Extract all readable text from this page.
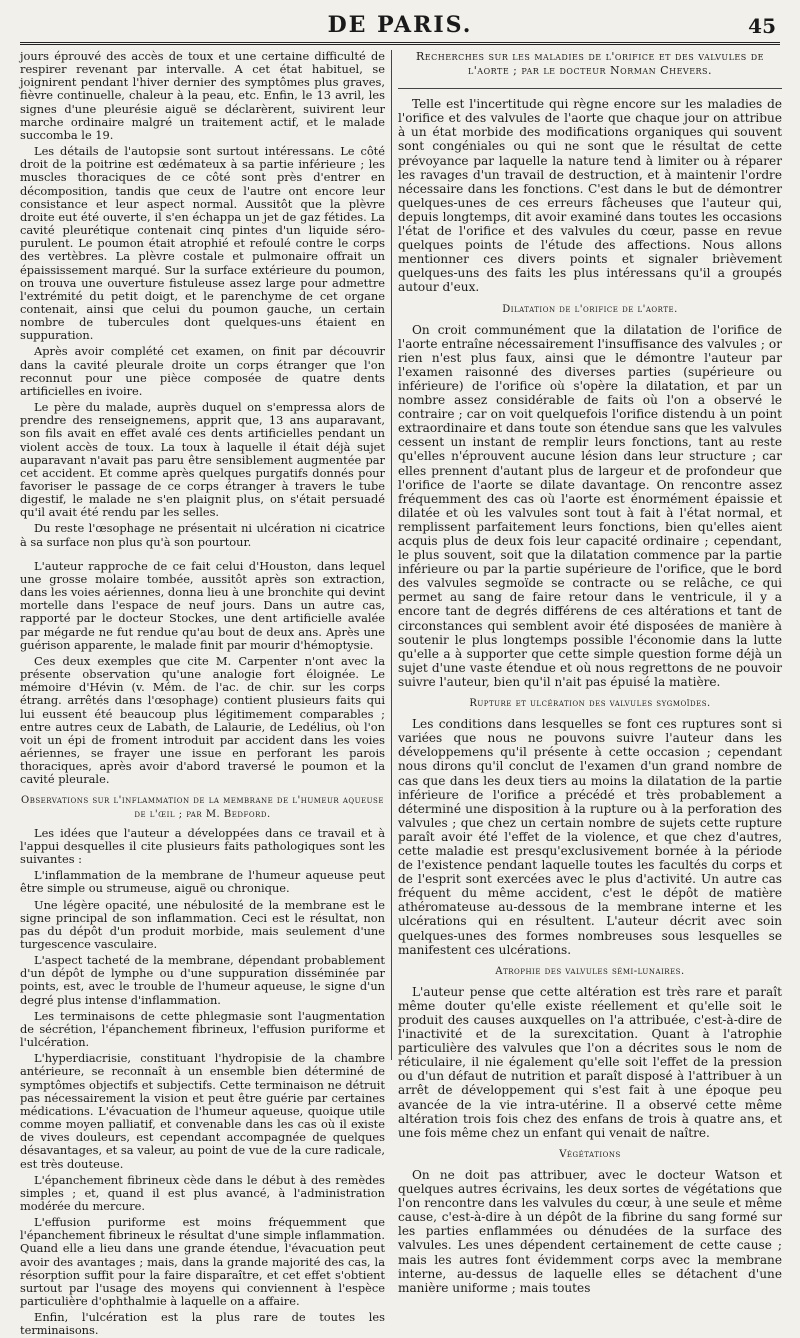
DE PARIS.	45

jours éprouvé des accès de toux et une certaine difficulté de respirer revenant par intervalle. A cet état habituel, se joignirent pendant l'hiver dernier des symptômes plus graves, fièvre continuelle, chaleur à la peau, etc. Enfin, le 13 avril, les signes d'une pleurésie aiguë se déclarèrent, suivirent leur marche ordinaire malgré un traitement actif, et le malade succomba le 19.

Les détails de l'autopsie sont surtout intéressans. Le côté droit de la poitrine est œdémateux à sa partie inférieure ; les muscles thoraciques de ce côté sont près d'entrer en décomposition, tandis que ceux de l'autre ont encore leur consistance et leur aspect normal. Aussitôt que la plèvre droite eut été ouverte, il s'en échappa un jet de gaz fétides. La cavité pleurétique contenait cinq pintes d'un liquide séro-purulent. Le poumon était atrophié et refoulé contre le corps des vertèbres. La plèvre costale et pulmonaire offrait un épaississement marqué. Sur la surface extérieure du poumon, on trouva une ouverture fistuleuse assez large pour admettre l'extrémité du petit doigt, et le parenchyme de cet organe contenait, ainsi que celui du poumon gauche, un certain nombre de tubercules dont quelques-uns étaient en suppuration.

Après avoir complété cet examen, on finit par découvrir dans la cavité pleurale droite un corps étranger que l'on reconnut pour une pièce composée de quatre dents artificielles en ivoire.

Le père du malade, auprès duquel on s'empressa alors de prendre des renseignemens, apprit que, 13 ans auparavant, son fils avait en effet avalé ces dents artificielles pendant un violent accès de toux. La toux à laquelle il était déjà sujet auparavant n'avait pas paru être sensiblement augmentée par cet accident. Et comme après quelques purgatifs donnés pour favoriser le passage de ce corps étranger à travers le tube digestif, le malade ne s'en plaignit plus, on s'était persuadé qu'il avait été rendu par les selles.

Du reste l'œsophage ne présentait ni ulcération ni cicatrice à sa surface non plus qu'à son pourtour.

L'auteur rapproche de ce fait celui d'Houston, dans lequel une grosse molaire tombée, aussitôt après son extraction, dans les voies aériennes, donna lieu à une bronchite qui devint mortelle dans l'espace de neuf jours. Dans un autre cas, rapporté par le docteur Stockes, une dent artificielle avalée par mégarde ne fut rendue qu'au bout de deux ans. Après une guérison apparente, le malade finit par mourir d'hémoptysie.

Ces deux exemples que cite M. Carpenter n'ont avec la présente observation qu'une analogie fort éloignée. Le mémoire d'Hévin (v. Mém. de l'ac. de chir. sur les corps étrang. arrêtés dans l'œsophage) contient plusieurs faits qui lui eussent été beaucoup plus légitimement comparables ; entre autres ceux de Labath, de Lalaurie, de Ledélius, où l'on voit un épi de froment introduit par accident dans les voies aériennes, se frayer une issue en perforant les parois thoraciques, après avoir d'abord traversé le poumon et la cavité pleurale.

Observations sur l'inflammation de la membrane de l'humeur aqueuse de l'œil ; par M. Bedford.

Les idées que l'auteur a développées dans ce travail et à l'appui desquelles il cite plusieurs faits pathologiques sont les suivantes :

L'inflammation de la membrane de l'humeur aqueuse peut être simple ou strumeuse, aiguë ou chronique.

Une légère opacité, une nébulosité de la membrane est le signe principal de son inflammation. Ceci est le résultat, non pas du dépôt d'un produit morbide, mais seulement d'une turgescence vasculaire.

L'aspect tacheté de la membrane, dépendant probablement d'un dépôt de lymphe ou d'une suppuration disséminée par points, est, avec le trouble de l'humeur aqueuse, le signe d'un degré plus intense d'inflammation.

Les terminaisons de cette phlegmasie sont l'augmentation de sécrétion, l'épanchement fibrineux, l'effusion puriforme et l'ulcération.

L'hyperdiacrisie, constituant l'hydropisie de la chambre antérieure, se reconnaît à un ensemble bien déterminé de symptômes objectifs et subjectifs. Cette terminaison ne détruit pas nécessairement la vision et peut être guérie par certaines médications. L'évacuation de l'humeur aqueuse, quoique utile comme moyen palliatif, et convenable dans les cas où il existe de vives douleurs, est cependant accompagnée de quelques désavantages, et sa valeur, au point de vue de la cure radicale, est très douteuse.

L'épanchement fibrineux cède dans le début à des remèdes simples ; et, quand il est plus avancé, à l'administration modérée du mercure.

L'effusion puriforme est moins fréquemment que l'épanchement fibrineux le résultat d'une simple inflammation. Quand elle a lieu dans une grande étendue, l'évacuation peut avoir des avantages ; mais, dans la grande majorité des cas, la résorption suffit pour la faire disparaître, et cet effet s'obtient surtout par l'usage des moyens qui conviennent à l'espèce particulière d'ophthalmie à laquelle on a affaire.

Enfin, l'ulcération est la plus rare de toutes les terminaisons.

Recherches sur les maladies de l'orifice et des valvules de l'aorte ; par le docteur Norman Chevers.

Telle est l'incertitude qui règne encore sur les maladies de l'orifice et des valvules de l'aorte que chaque jour on attribue à un état morbide des modifications organiques qui souvent sont congéniales ou qui ne sont que le résultat de cette prévoyance par laquelle la nature tend à limiter ou à réparer les ravages d'un travail de destruction, et à maintenir l'ordre nécessaire dans les fonctions. C'est dans le but de démontrer quelques-unes de ces erreurs fâcheuses que l'auteur qui, depuis longtemps, dit avoir examiné dans toutes les occasions l'état de l'orifice et des valvules du cœur, passe en revue quelques points de l'étude des affections. Nous allons mentionner ces divers points et signaler brièvement quelques-uns des faits les plus intéressans qu'il a groupés autour d'eux.

Dilatation de l'orifice de l'aorte.

On croit communément que la dilatation de l'orifice de l'aorte entraîne nécessairement l'insuffisance des valvules ; or rien n'est plus faux, ainsi que le démontre l'auteur par l'examen raisonné des diverses parties (supérieure ou inférieure) de l'orifice où s'opère la dilatation, et par un nombre assez considérable de faits où l'on a observé le contraire ; car on voit quelquefois l'orifice distendu à un point extraordinaire et dans toute son étendue sans que les valvules cessent un instant de remplir leurs fonctions, tant au reste qu'elles n'éprouvent aucune lésion dans leur structure ; car elles prennent d'autant plus de largeur et de profondeur que l'orifice de l'aorte se dilate davantage. On rencontre assez fréquemment des cas où l'aorte est énormément épaissie et dilatée et où les valvules sont tout à fait à l'état normal, et remplissent parfaitement leurs fonctions, bien qu'elles aient acquis plus de deux fois leur capacité ordinaire ; cependant, le plus souvent, soit que la dilatation commence par la partie inférieure ou par la partie supérieure de l'orifice, que le bord des valvules segmoïde se contracte ou se relâche, ce qui permet au sang de faire retour dans le ventricule, il y a encore tant de degrés différens de ces altérations et tant de circonstances qui semblent avoir été disposées de manière à soutenir le plus longtemps possible l'économie dans la lutte qu'elle a à supporter que cette simple question forme déjà un sujet d'une vaste étendue et où nous regrettons de ne pouvoir suivre l'auteur, bien qu'il n'ait pas épuisé la matière.

Rupture et ulcération des valvules sygmoïdes.

Les conditions dans lesquelles se font ces ruptures sont si variées que nous ne pouvons suivre l'auteur dans les développemens qu'il présente à cette occasion ; cependant nous dirons qu'il conclut de l'examen d'un grand nombre de cas que dans les deux tiers au moins la dilatation de la partie inférieure de l'orifice a précédé et très probablement a déterminé une disposition à la rupture ou à la perforation des valvules ; que chez un certain nombre de sujets cette rupture paraît avoir été l'effet de la violence, et que chez d'autres, cette maladie est presqu'exclusivement bornée à la période de l'existence pendant laquelle toutes les facultés du corps et de l'esprit sont exercées avec le plus d'activité. Un autre cas fréquent du même accident, c'est le dépôt de matière athéromateuse au-dessous de la membrane interne et les ulcérations qui en résultent. L'auteur décrit avec soin quelques-unes des formes nombreuses sous lesquelles se manifestent ces ulcérations.

Atrophie des valvules sémi-lunaires.

L'auteur pense que cette altération est très rare et paraît même douter qu'elle existe réellement et qu'elle soit le produit des causes auxquelles on l'a attribuée, c'est-à-dire de l'inactivité et de la surexcitation. Quant à l'atrophie particulière des valvules que l'on a décrites sous le nom de réticulaire, il nie également qu'elle soit l'effet de la pression ou d'un défaut de nutrition et paraît disposé à l'attribuer à un arrêt de développement qui s'est fait à une époque peu avancée de la vie intra-utérine. Il a observé cette même altération trois fois chez des enfans de trois à quatre ans, et une fois même chez un enfant qui venait de naître.

Végétations

On ne doit pas attribuer, avec le docteur Watson et quelques autres écrivains, les deux sortes de végétations que l'on rencontre dans les valvules du cœur, à une seule et même cause, c'est-à-dire à un dépôt de la fibrine du sang formé sur les parties enflammées ou dénudées de la surface des valvules. Les unes dépendent certainement de cette cause ; mais les autres font évidemment corps avec la membrane interne, au-dessus de laquelle elles se détachent d'une manière uniforme ; mais toutes
